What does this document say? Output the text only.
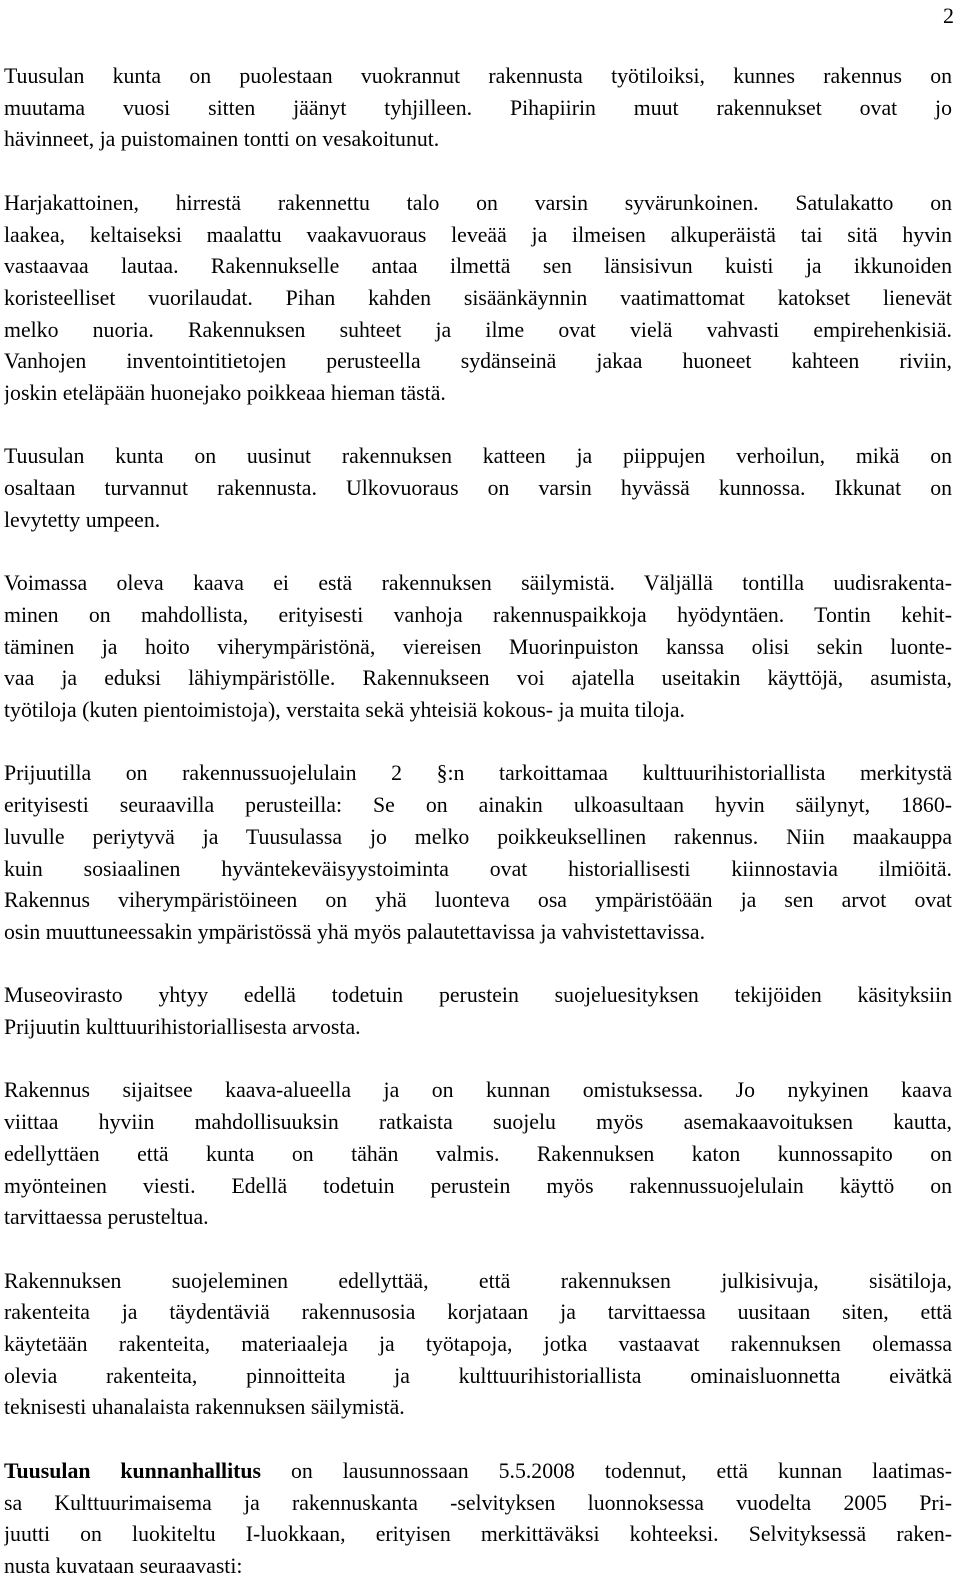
2
Tuusulan kunta on puolestaan vuokrannut rakennusta työtiloiksi, kunnes rakennus on
muutama vuosi sitten jäänyt tyhjilleen. Pihapiirin muut rakennukset ovat jo
hävinneet, ja puistomainen tontti on vesakoitunut.
Harjakattoinen, hirrestä rakennettu talo on varsin syvärunkoinen. Satulakatto on
laakea, keltaiseksi maalattu vaakavuoraus leveää ja ilmeisen alkuperäistä tai sitä hyvin
vastaavaa lautaa. Rakennukselle antaa ilmettä sen länsisivun kuisti ja ikkunoiden
koristeelliset vuorilaudat. Pihan kahden sisäänkäynnin vaatimattomat katokset lienevät
melko nuoria. Rakennuksen suhteet ja ilme ovat vielä vahvasti empirehenkisiä.
Vanhojen inventointitietojen perusteella sydänseinä jakaa huoneet kahteen riviin,
joskin eteläpään huonejako poikkeaa hieman tästä.
Tuusulan kunta on uusinut rakennuksen katteen ja piippujen verhoilun, mikä on
osaltaan turvannut rakennusta. Ulkovuoraus on varsin hyvässä kunnossa. Ikkunat on
levytetty umpeen.
Voimassa oleva kaava ei estä rakennuksen säilymistä. Väljällä tontilla uudisrakenta-
minen on mahdollista, erityisesti vanhoja rakennuspaikkoja hyödyntäen. Tontin kehit-
täminen ja hoito viherympäristönä, viereisen Muorinpuiston kanssa olisi sekin luonte-
vaa ja eduksi lähiympäristölle. Rakennukseen voi ajatella useitakin käyttöjä, asumista,
työtiloja (kuten pientoimistoja), verstaita sekä yhteisiä kokous- ja muita tiloja.
Prijuutilla on rakennussuojelulain 2 §:n tarkoittamaa kulttuurihistoriallista merkitystä
erityisesti seuraavilla perusteilla: Se on ainakin ulkoasultaan hyvin säilynyt, 1860-
luvulle periytyvä ja Tuusulassa jo melko poikkeuksellinen rakennus. Niin maakauppa
kuin sosiaalinen hyväntekeväisyystoiminta ovat historiallisesti kiinnostavia ilmiöitä.
Rakennus viherympäristöineen on yhä luonteva osa ympäristöään ja sen arvot ovat
osin muuttuneessakin ympäristössä yhä myös palautettavissa ja vahvistettavissa.
Museovirasto yhtyy edellä todetuin perustein suojeluesityksen tekijöiden käsityksiin
Prijuutin kulttuurihistoriallisesta arvosta.
Rakennus sijaitsee kaava-alueella ja on kunnan omistuksessa. Jo nykyinen kaava
viittaa hyviin mahdollisuuksin ratkaista suojelu myös asemakaavoituksen kautta,
edellyttäen että kunta on tähän valmis. Rakennuksen katon kunnossapito on
myönteinen viesti. Edellä todetuin perustein myös rakennussuojelulain käyttö on
tarvittaessa perusteltua.
Rakennuksen suojeleminen edellyttää, että rakennuksen julkisivuja, sisätiloja,
rakenteita ja täydentäviä rakennusosia korjataan ja tarvittaessa uusitaan siten, että
käytetään rakenteita, materiaaleja ja työtapoja, jotka vastaavat rakennuksen olemassa
olevia rakenteita, pinnoitteita ja kulttuurihistoriallista ominaisluonnetta eivätkä
teknisesti uhanalaista rakennuksen säilymistä.
Tuusulan kunnanhallitus on lausunnossaan 5.5.2008 todennut, että kunnan laatimas-
sa Kulttuurimaisema ja rakennuskanta -selvityksen luonnoksessa vuodelta 2005 Pri-
juutti on luokiteltu I-luokkaan, erityisen merkittäväksi kohteeksi. Selvityksessä raken-
nusta kuvataan seuraavasti:
